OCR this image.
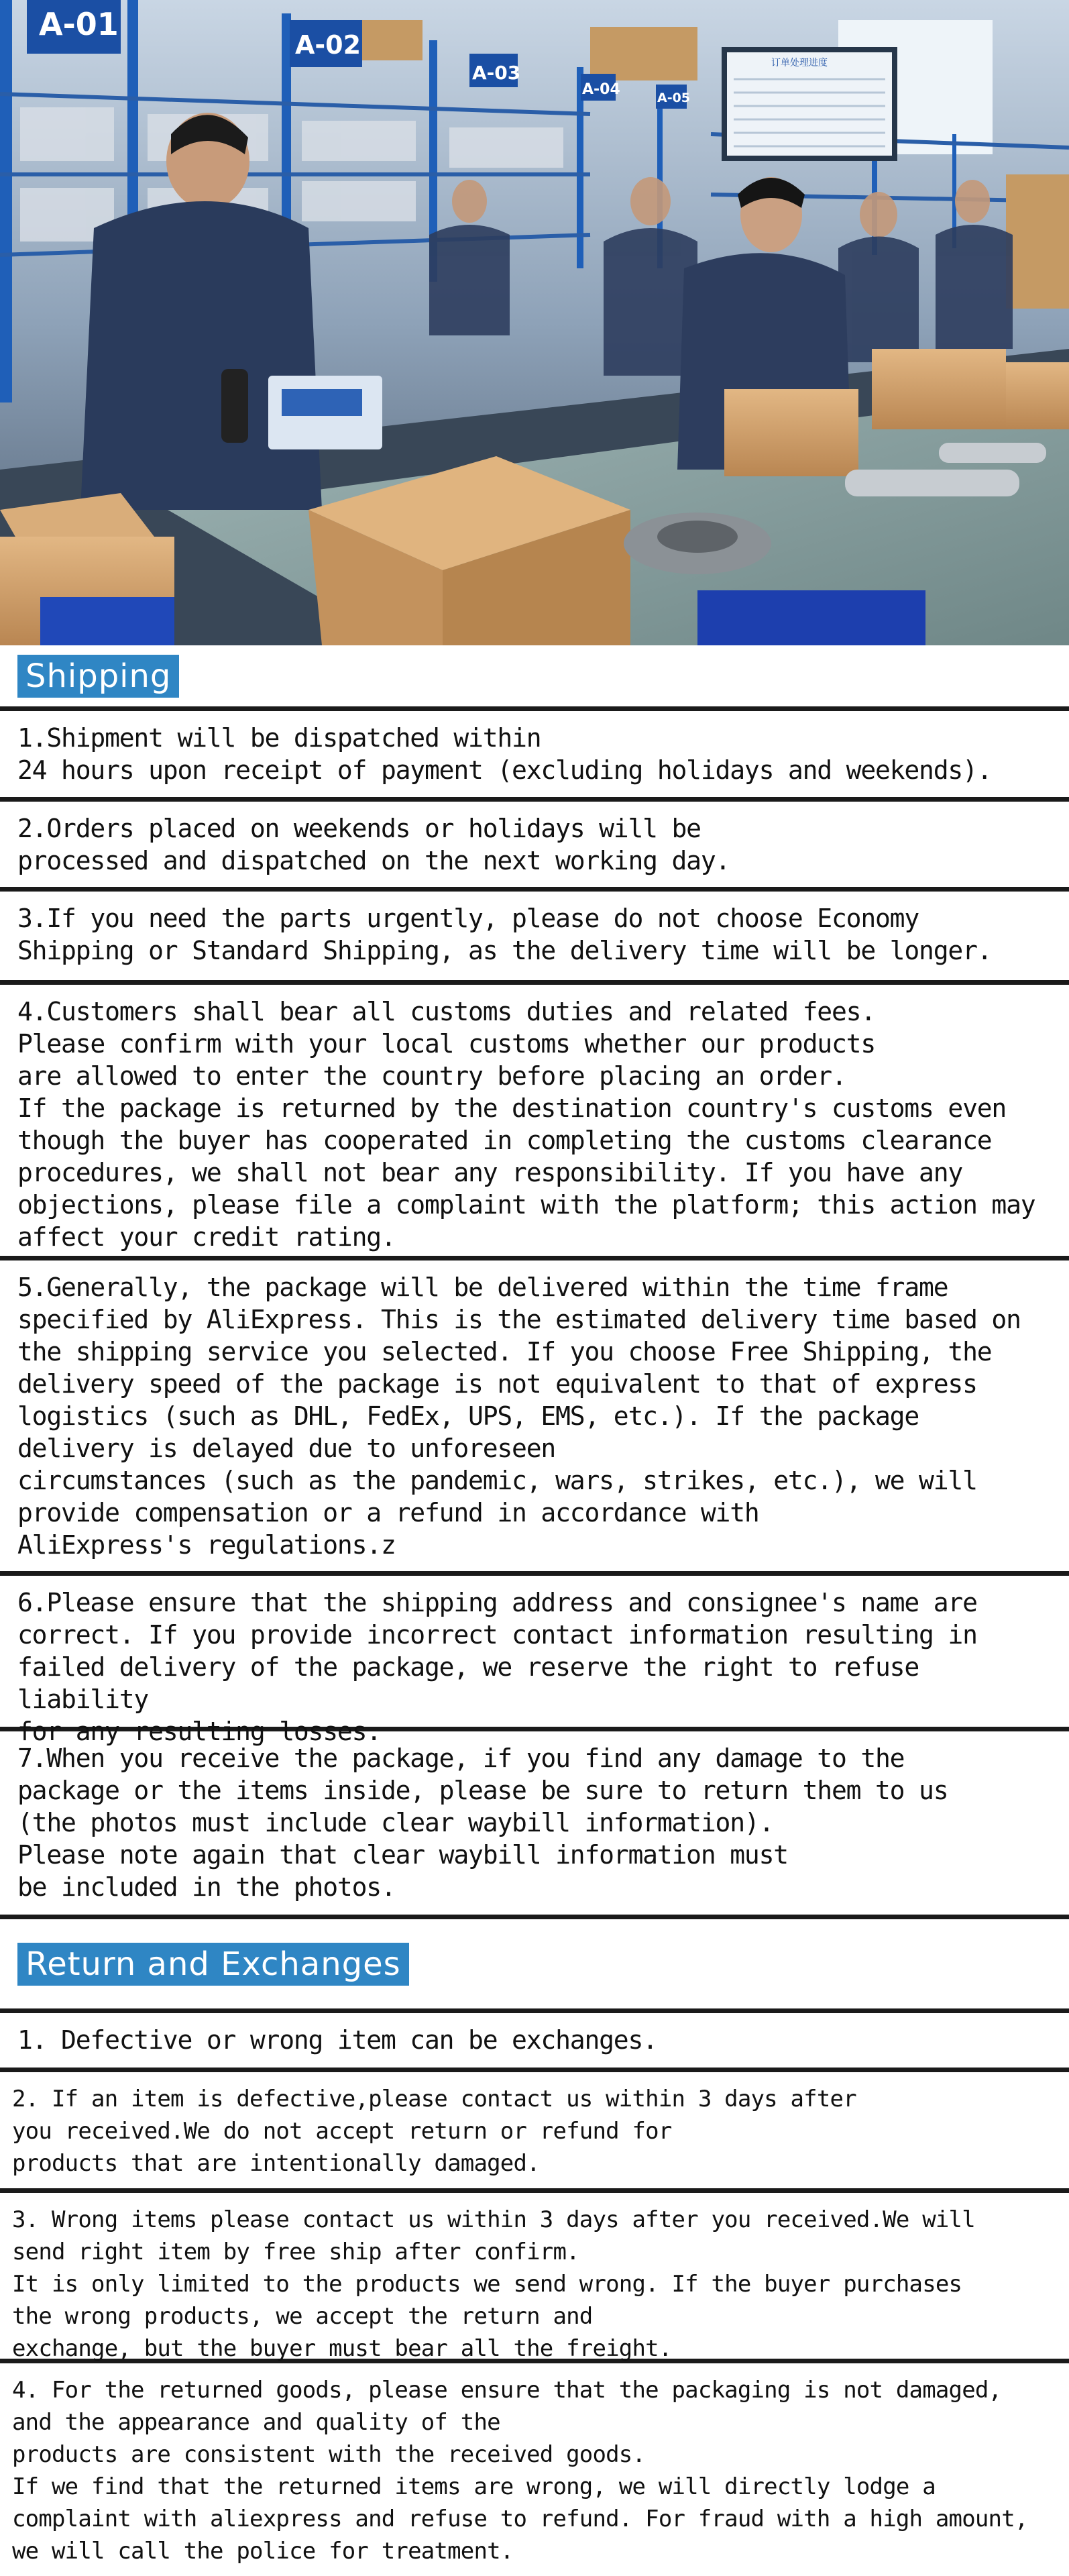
A-01
A-02
A-03
A-04	A-05
订单处理进度
Shipping
1.Shipment will be dispatched within
24 hours upon receipt of payment (excluding holidays and weekends).
2.Orders placed on weekends or holidays will be
processed and dispatched on the next working day.
3.If you need the parts urgently, please do not choose Economy
Shipping or Standard Shipping, as the delivery time will be longer.
4.Customers shall bear all customs duties and related fees.
Please confirm with your local customs whether our products
are allowed to enter the country before placing an order.
If the package is returned by the destination country's customs even
though the buyer has cooperated in completing the customs clearance
procedures, we shall not bear any responsibility. If you have any
objections, please file a complaint with the platform; this action may
affect your credit rating.
5.Generally, the package will be delivered within the time frame
specified by AliExpress. This is the estimated delivery time based on
the shipping service you selected. If you choose Free Shipping, the
delivery speed of the package is not equivalent to that of express
logistics (such as DHL, FedEx, UPS, EMS, etc.). If the package
delivery is delayed due to unforeseen
circumstances (such as the pandemic, wars, strikes, etc.), we will
provide compensation or a refund in accordance with
AliExpress's regulations.z
6.Please ensure that the shipping address and consignee's name are
correct. If you provide incorrect contact information resulting in
failed delivery of the package, we reserve the right to refuse liability
for any resulting losses.
7.When you receive the package, if you find any damage to the
package or the items inside, please be sure to return them to us
(the photos must include clear waybill information).
Please note again that clear waybill information must
be included in the photos.
Return and Exchanges
1. Defective or wrong item can be exchanges.
2. If an item is defective,please contact us within 3 days after
you received.We do not accept return or refund for
products that are intentionally damaged.
3. Wrong items please contact us within 3 days after you received.We will
send right item by free ship after confirm.
It is only limited to the products we send wrong. If the buyer purchases
the wrong products, we accept the return and
exchange, but the buyer must bear all the freight.
4. For the returned goods, please ensure that the packaging is not damaged,
and the appearance and quality of the
products are consistent with the received goods.
If we find that the returned items are wrong, we will directly lodge a
complaint with aliexpress and refuse to refund. For fraud with a high amount,
we will call the police for treatment.
